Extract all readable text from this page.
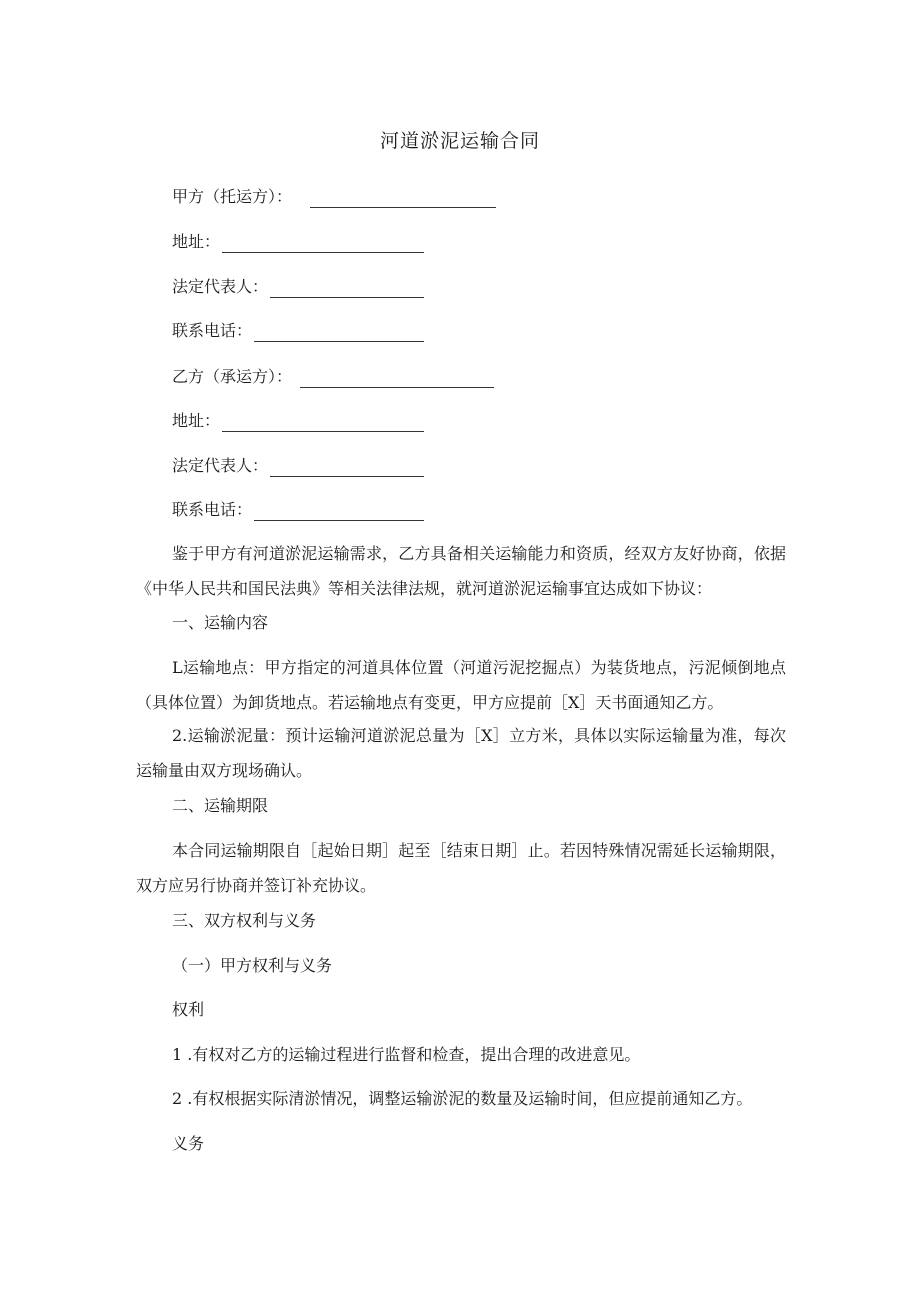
河道淤泥运输合同
甲方（托运方）：
地址：
法定代表人：
联系电话：
乙方（承运方）：
地址：
法定代表人：
联系电话：

鉴于甲方有河道淤泥运输需求，乙方具备相关运输能力和资质，经双方友好协商，依据《中华人民共和国民法典》等相关法律法规，就河道淤泥运输事宜达成如下协议：

一、运输内容

L运输地点：甲方指定的河道具体位置（河道污泥挖掘点）为装货地点，污泥倾倒地点（具体位置）为卸货地点。若运输地点有变更，甲方应提前［X］天书面通知乙方。

2.运输淤泥量：预计运输河道淤泥总量为［X］立方米，具体以实际运输量为准，每次运输量由双方现场确认。

二、运输期限

本合同运输期限自［起始日期］起至［结束日期］止。若因特殊情况需延长运输期限，双方应另行协商并签订补充协议。

三、双方权利与义务

（一）甲方权利与义务

权利

1 .有权对乙方的运输过程进行监督和检查，提出合理的改进意见。

2 .有权根据实际清淤情况，调整运输淤泥的数量及运输时间，但应提前通知乙方。

义务
